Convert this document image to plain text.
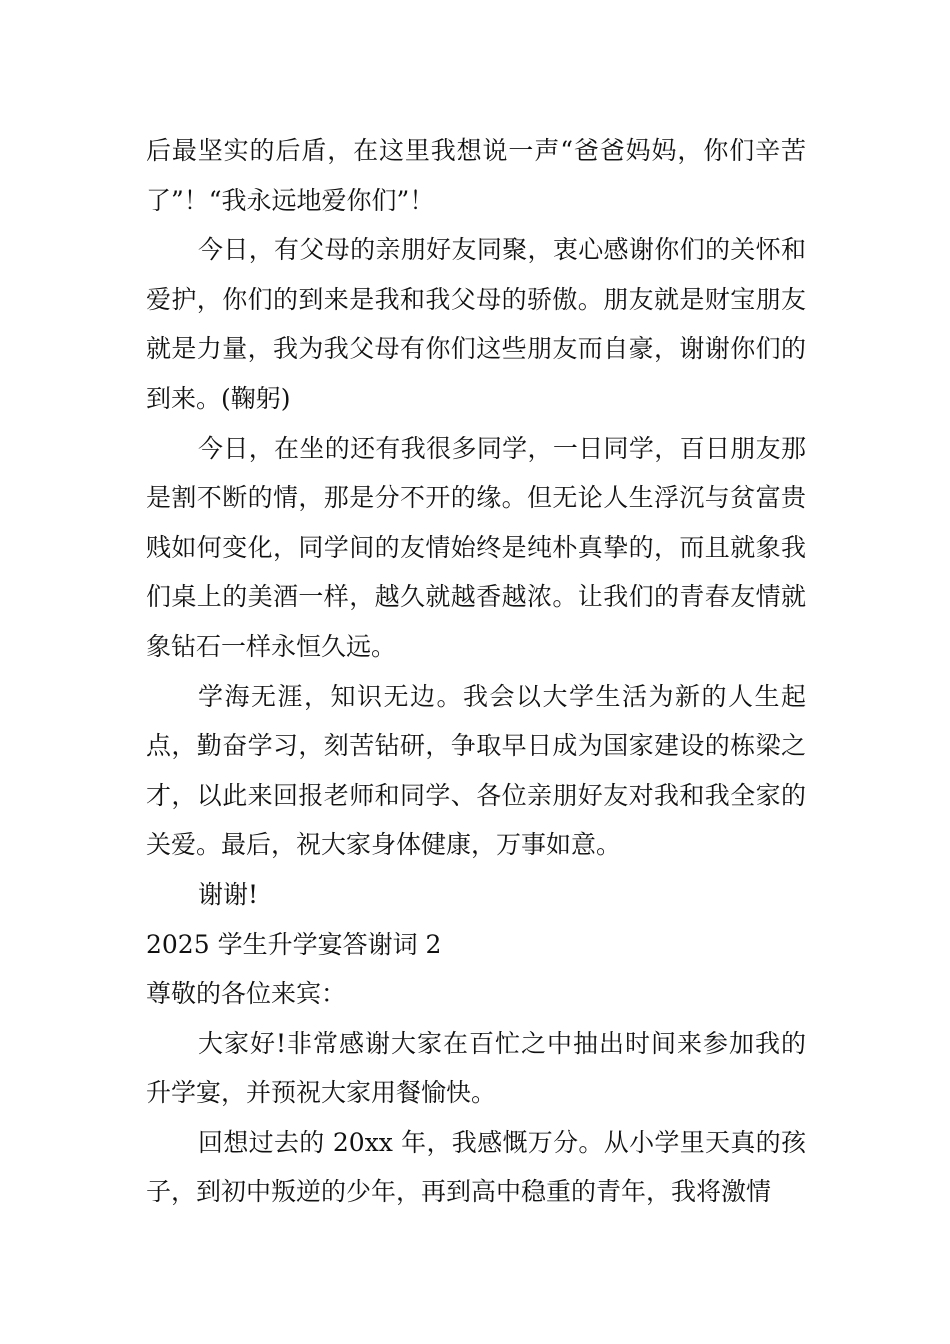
后最坚实的后盾，在这里我想说一声“爸爸妈妈，你们辛苦了”！“我永远地爱你们”！

今日，有父母的亲朋好友同聚，衷心感谢你们的关怀和爱护，你们的到来是我和我父母的骄傲。朋友就是财宝朋友就是力量，我为我父母有你们这些朋友而自豪，谢谢你们的到来。(鞠躬)

今日，在坐的还有我很多同学，一日同学，百日朋友那是割不断的情，那是分不开的缘。但无论人生浮沉与贫富贵贱如何变化，同学间的友情始终是纯朴真挚的，而且就象我们桌上的美酒一样，越久就越香越浓。让我们的青春友情就象钻石一样永恒久远。

学海无涯，知识无边。我会以大学生活为新的人生起点，勤奋学习，刻苦钻研，争取早日成为国家建设的栋梁之才，以此来回报老师和同学、各位亲朋好友对我和我全家的关爱。最后，祝大家身体健康，万事如意。

谢谢!

2025 学生升学宴答谢词 2

尊敬的各位来宾：

大家好!非常感谢大家在百忙之中抽出时间来参加我的升学宴，并预祝大家用餐愉快。

回想过去的 20xx 年，我感慨万分。从小学里天真的孩子，到初中叛逆的少年，再到高中稳重的青年，我将激情
